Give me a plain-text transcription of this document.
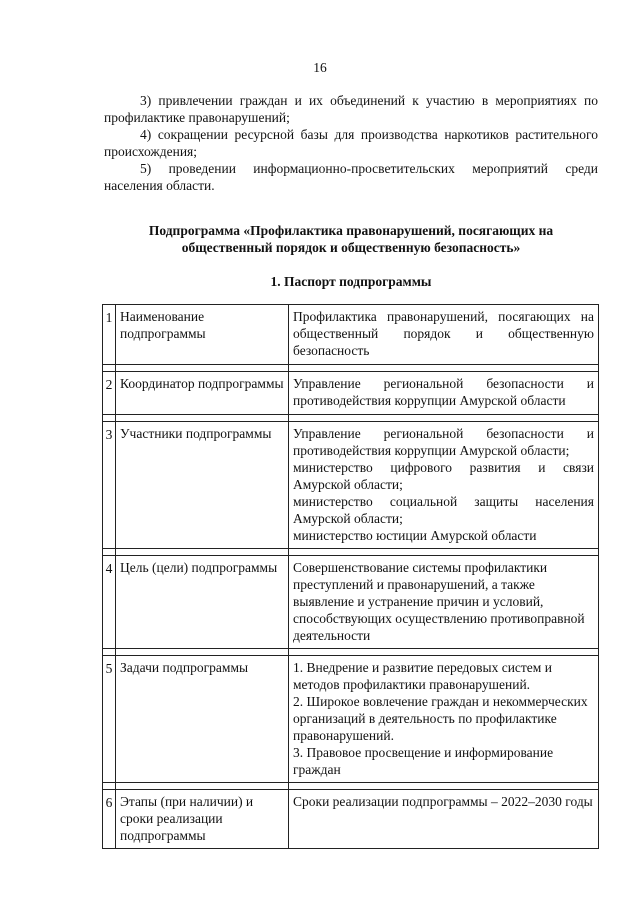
16

3) привлечении граждан и их объединений к участию в мероприятиях по профилактике правонарушений;

4) сокращении ресурсной базы для производства наркотиков растительного происхождения;

5) проведении информационно-просветительских мероприятий среди населения области.

Подпрограмма «Профилактика правонарушений, посягающих на
общественный порядок и общественную безопасность»
1. Паспорт подпрограммы
1	Наименование подпрограммы	Профилактика правонарушений, посягающих на общественный порядок и общественную безопасность

2	Координатор подпрограммы	Управление региональной безопасности и противодействия коррупции Амурской области

3	Участники подпрограммы	Управление региональной безопасности и противодействия коррупции Амурской области;
министерство цифрового развития и связи Амурской области;
министерство социальной защиты населения Амурской области;
министерство юстиции Амурской области

4	Цель (цели) подпрограммы	Совершенствование системы профилактики преступлений и правонарушений, а также выявление и устранение причин и условий, способствующих осуществлению противоправной деятельности

5	Задачи подпрограммы	1. Внедрение и развитие передовых систем и методов профилактики правонарушений.
2. Широкое вовлечение граждан и некоммерческих организаций в деятельность по профилактике правонарушений.
3. Правовое просвещение и информирование граждан

6	Этапы (при наличии) и сроки реализации подпрограммы	Сроки реализации подпрограммы – 2022–2030 годы
